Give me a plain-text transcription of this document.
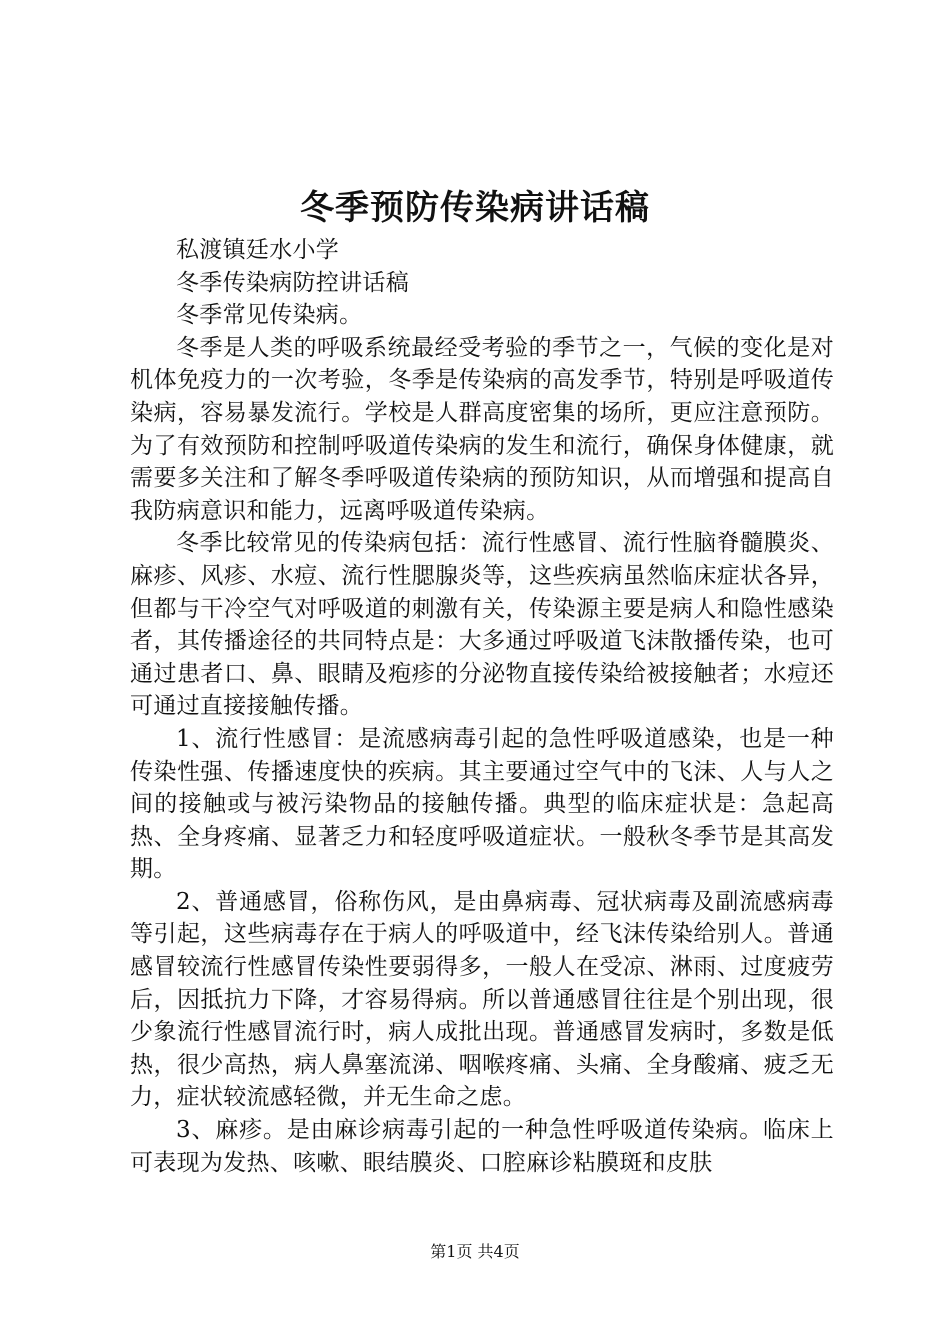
冬季预防传染病讲话稿

私渡镇廷水小学

冬季传染病防控讲话稿

冬季常见传染病。

冬季是人类的呼吸系统最经受考验的季节之一，气候的变化是对机体免疫力的一次考验，冬季是传染病的高发季节，特别是呼吸道传染病，容易暴发流行。学校是人群高度密集的场所，更应注意预防。为了有效预防和控制呼吸道传染病的发生和流行，确保身体健康，就需要多关注和了解冬季呼吸道传染病的预防知识，从而增强和提高自我防病意识和能力，远离呼吸道传染病。

冬季比较常见的传染病包括：流行性感冒、流行性脑脊髓膜炎、麻疹、风疹、水痘、流行性腮腺炎等，这些疾病虽然临床症状各异，但都与干冷空气对呼吸道的刺激有关，传染源主要是病人和隐性感染者，其传播途径的共同特点是：大多通过呼吸道飞沫散播传染，也可通过患者口、鼻、眼睛及疱疹的分泌物直接传染给被接触者；水痘还可通过直接接触传播。

1、流行性感冒：是流感病毒引起的急性呼吸道感染，也是一种传染性强、传播速度快的疾病。其主要通过空气中的飞沫、人与人之间的接触或与被污染物品的接触传播。典型的临床症状是：急起高热、全身疼痛、显著乏力和轻度呼吸道症状。一般秋冬季节是其高发期。

2、普通感冒，俗称伤风，是由鼻病毒、冠状病毒及副流感病毒等引起，这些病毒存在于病人的呼吸道中，经飞沫传染给别人。普通感冒较流行性感冒传染性要弱得多，一般人在受凉、淋雨、过度疲劳后，因抵抗力下降，才容易得病。所以普通感冒往往是个别出现，很少象流行性感冒流行时，病人成批出现。普通感冒发病时，多数是低热，很少高热，病人鼻塞流涕、咽喉疼痛、头痛、全身酸痛、疲乏无力，症状较流感轻微，并无生命之虑。

3、麻疹。是由麻诊病毒引起的一种急性呼吸道传染病。临床上可表现为发热、咳嗽、眼结膜炎、口腔麻诊粘膜斑和皮肤

第1页 共4页
